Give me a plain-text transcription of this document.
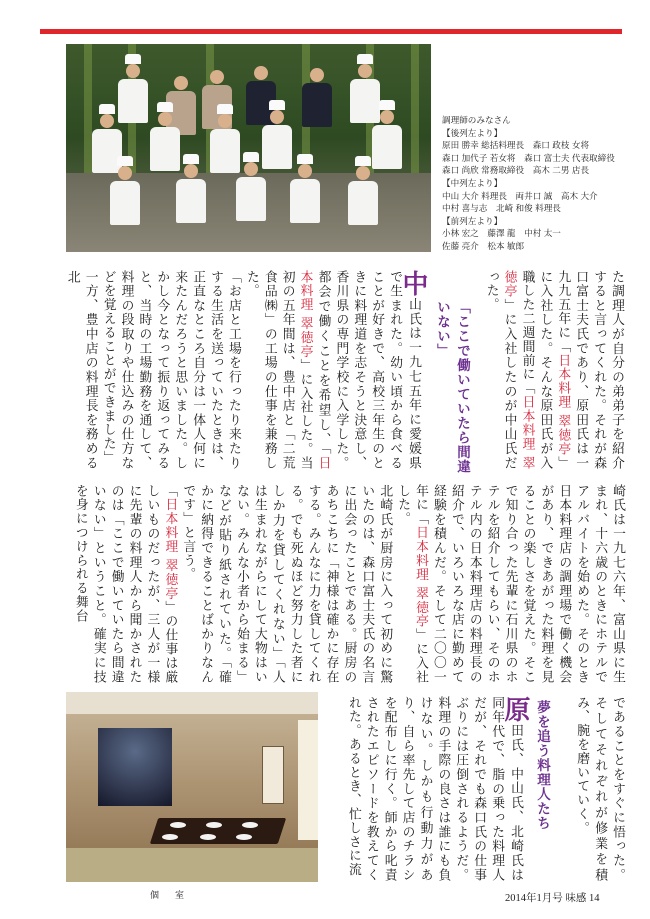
調理師のみなさん
【後列左より】
原田 勝幸 総括料理長　森口 政枝 女将
森口 加代子 若女将　森口 富士夫 代表取締役
森口 尚欣 常務取締役　高木 二男 店長
【中列左より】
中山 大介 料理長　両井口 誠　高木 大介
中村 喜与志　北崎 和俊 料理長
【前列左より】
小林 宏之　藤澤 龍　中村 太一
佐藤 亮介　松本 敏郎
た調理人が自分の弟弟子を紹介すると言ってくれた。それが森口富士夫氏であり、原田氏は一九九五年に「日本料理 翠徳亭」に入社した。そんな原田氏が入職した二週間前に「日本料理 翠徳亭」に入社したのが中山氏だった。
「ここで働いていたら間違いない」
中山氏は一九七五年に愛媛県で生まれた。幼い頃から食べることが好きで、高校三年生のときに料理道を志そうと決意し、香川県の専門学校に入学した。都会で働くことを希望し、「日本料理 翠徳亭」に入社した。当初の五年間は、豊中店と「二荒食品㈱」の工場の仕事を兼務した。
「お店と工場を行ったり来たりする生活を送っていたときは、正直なところ自分は一体人何に来たんだろうと思いました。しかし今となって振り返ってみると、当時の工場勤務を通して、料理の段取りや仕込みの仕方などを覚えることができました」
一方、豊中店の料理長を務める北
崎氏は一九七六年、富山県に生まれ、十六歳のときにホテルでアルバイトを始めた。そのとき日本料理店の調理場で働く機会があり、できあがった料理を見ることの楽しさを覚えた。そこで知り合った先輩に石川県のホテルを紹介してもらい、そのホテル内の日本料理店の料理長の紹介で、いろいろな店に勤めて経験を積んだ。そして二〇〇一年に「日本料理 翠徳亭」に入社した。
北崎氏が厨房に入って初めに驚いたのは、森口富士夫氏の名言に出会ったことである。厨房のあちこちに「神様は確かに存在する。みんなに力を貸してくれる。でも死ぬほど努力した者にしか力を貸してくれない」「人は生まれながらにして大物はいない。みんな小者から始まる」などが貼り紙されていた。「確かに納得できることばかりなんです」と言う。
「日本料理 翠徳亭」の仕事は厳しいものだったが、三人が一様に先輩の料理人から聞かされたのは「ここで働いていたら間違いない」ということ。確実に技を身につけられる舞台
であることをすぐに悟った。そしてそれぞれが修業を積み、腕を磨いていく。
夢を追う料理人たち
原田氏、中山氏、北崎氏は同年代で、脂の乗った料理人だが、それでも森口氏の仕事ぶりには圧倒されるようだ。料理の手際の良さは誰にも負けない。しかも行動力があり、自ら率先して店のチラシを配布しに行く。師から叱責されたエピソードを教えてくれた。あるとき、忙しさに流
個室	2014年1月号 味感 14
